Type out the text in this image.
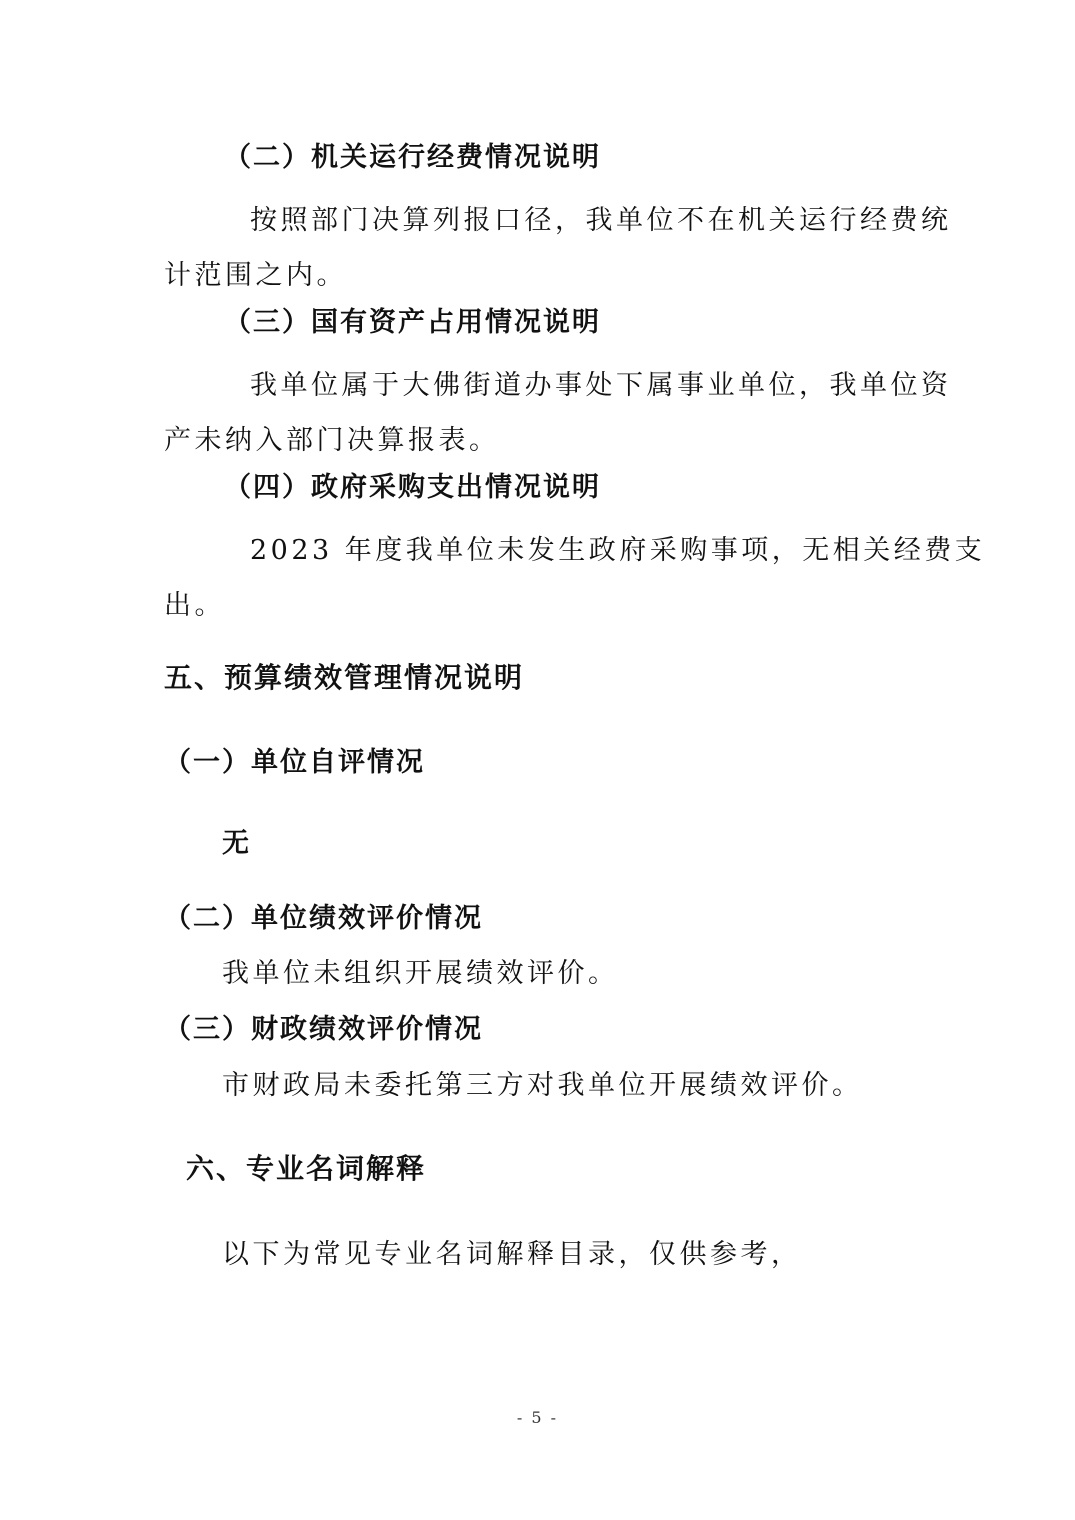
（二）机关运行经费情况说明
按照部门决算列报口径，我单位不在机关运行经费统
计范围之内。
（三）国有资产占用情况说明
我单位属于大佛街道办事处下属事业单位，我单位资
产未纳入部门决算报表。
（四）政府采购支出情况说明
2023 年度我单位未发生政府采购事项，无相关经费支
出。
五、预算绩效管理情况说明
（一）单位自评情况
无
（二）单位绩效评价情况
我单位未组织开展绩效评价。
（三）财政绩效评价情况
市财政局未委托第三方对我单位开展绩效评价。
六、专业名词解释
以下为常见专业名词解释目录，仅供参考，
- 5 -
